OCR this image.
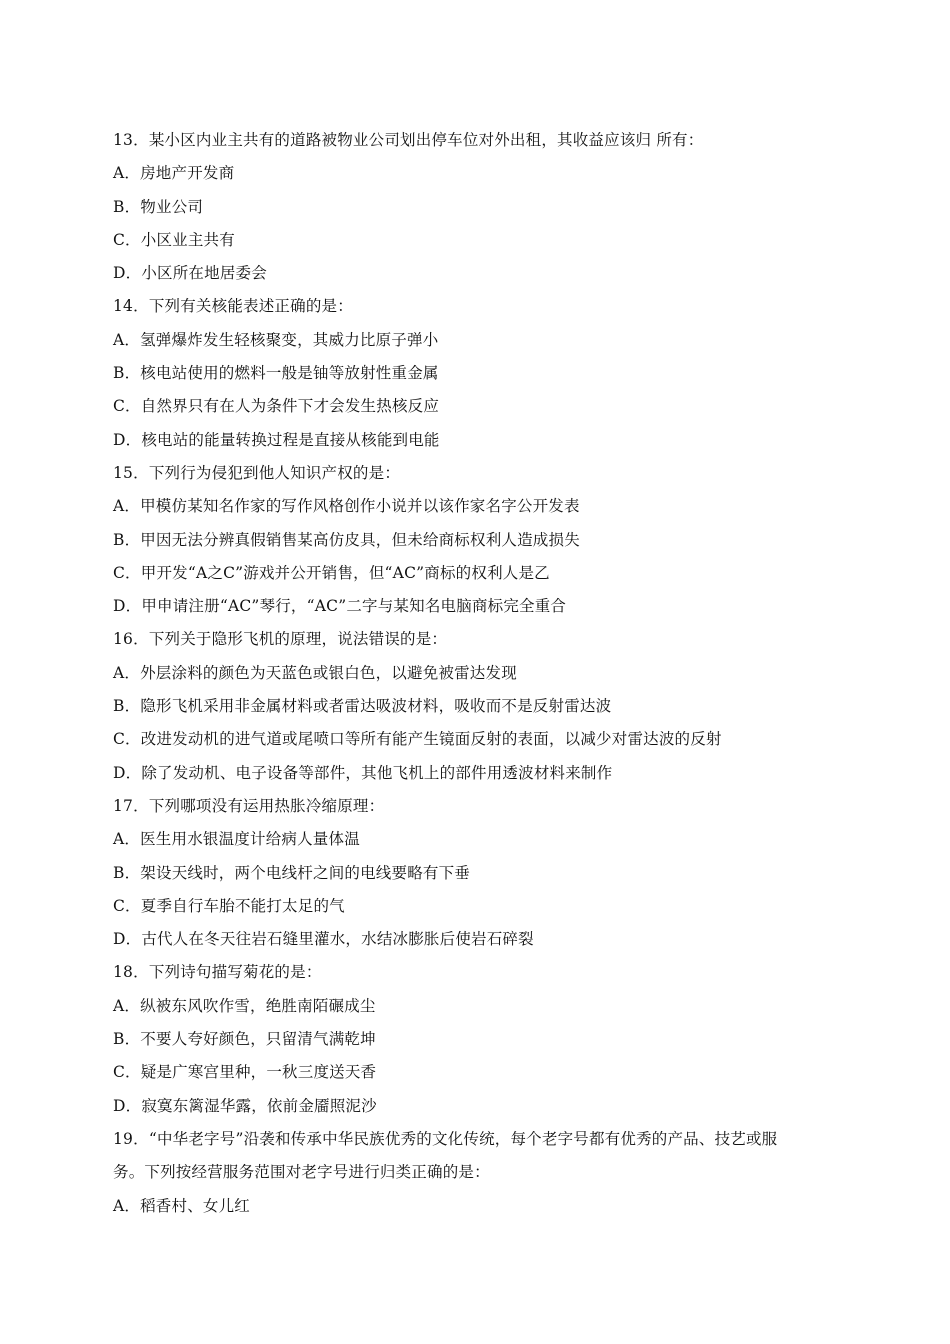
13．某小区内业主共有的道路被物业公司划出停车位对外出租，其收益应该归 所有：
A．房地产开发商
B．物业公司
C．小区业主共有
D．小区所在地居委会
14．下列有关核能表述正确的是：
A．氢弹爆炸发生轻核聚变，其威力比原子弹小
B．核电站使用的燃料一般是铀等放射性重金属
C．自然界只有在人为条件下才会发生热核反应
D．核电站的能量转换过程是直接从核能到电能
15．下列行为侵犯到他人知识产权的是：
A．甲模仿某知名作家的写作风格创作小说并以该作家名字公开发表
B．甲因无法分辨真假销售某高仿皮具，但未给商标权利人造成损失
C．甲开发“A之C”游戏并公开销售，但“AC”商标的权利人是乙
D．甲申请注册“AC”琴行，“AC”二字与某知名电脑商标完全重合
16．下列关于隐形飞机的原理，说法错误的是：
A．外层涂料的颜色为天蓝色或银白色，以避免被雷达发现
B．隐形飞机采用非金属材料或者雷达吸波材料，吸收而不是反射雷达波
C．改进发动机的进气道或尾喷口等所有能产生镜面反射的表面，以减少对雷达波的反射
D．除了发动机、电子设备等部件，其他飞机上的部件用透波材料来制作
17．下列哪项没有运用热胀冷缩原理：
A．医生用水银温度计给病人量体温
B．架设天线时，两个电线杆之间的电线要略有下垂
C．夏季自行车胎不能打太足的气
D．古代人在冬天往岩石缝里灌水，水结冰膨胀后使岩石碎裂
18．下列诗句描写菊花的是：
A．纵被东风吹作雪，绝胜南陌碾成尘
B．不要人夸好颜色，只留清气满乾坤
C．疑是广寒宫里种，一秋三度送天香
D．寂寞东篱湿华露，依前金靥照泥沙
19．“中华老字号”沿袭和传承中华民族优秀的文化传统，每个老字号都有优秀的产品、技艺或服
务。下列按经营服务范围对老字号进行归类正确的是：
A．稻香村、女儿红
